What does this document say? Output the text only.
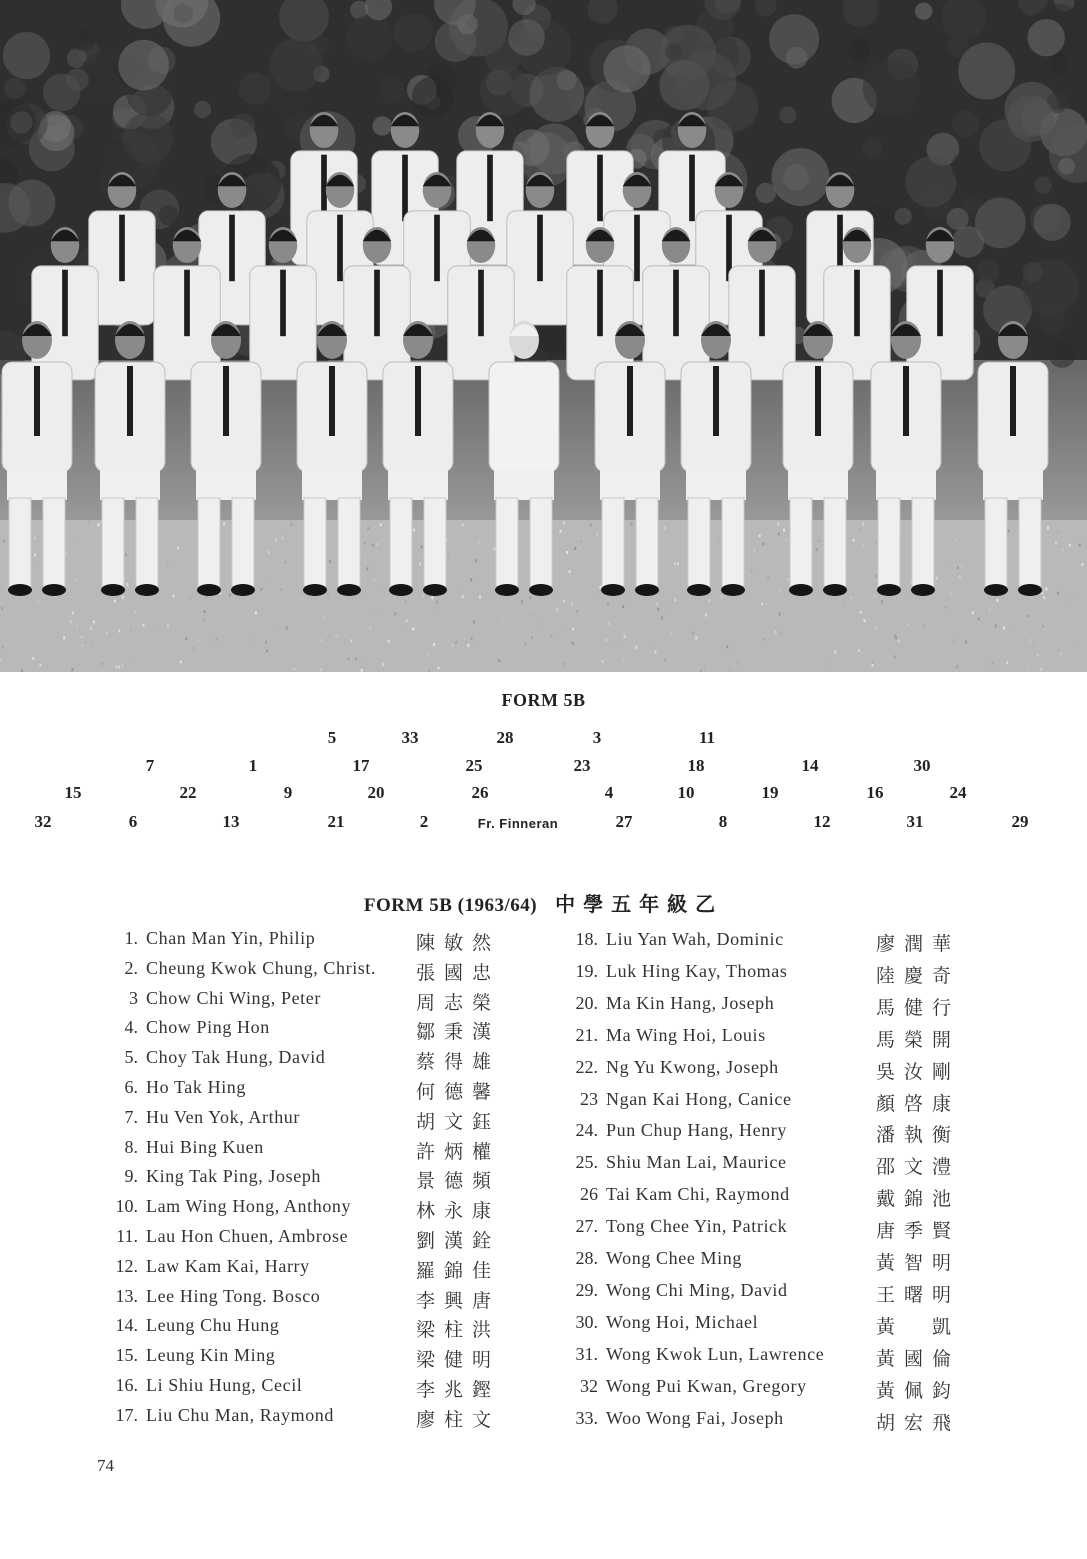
FORM 5B
5	33	28	3	11
7	1	17	25	23	18	14	30
15	22	9	20	26	4	10	19	16	24
32	6	13	21	2	Fr. Finneran	27	8	12	31	29
FORM 5B (1963/64) 中學五年級乙
1. Chan Man Yin, Philip	陳敏然
2. Cheung Kwok Chung, Christ. 張國忠
3 Chow Chi Wing, Peter	周志榮
4. Chow Ping Hon	鄒秉漢
5. Choy Tak Hung, David	蔡得雄
6. Ho Tak Hing	何德馨
7. Hu Ven Yok, Arthur	胡文鈺
8. Hui Bing Kuen	許炳權
9. King Tak Ping, Joseph	景德頻
10. Lam Wing Hong, Anthony	林永康
11. Lau Hon Chuen, Ambrose	劉漢銓
12. Law Kam Kai, Harry	羅錦佳
13. Lee Hing Tong. Bosco	李興唐
14. Leung Chu Hung	梁柱洪
15. Leung Kin Ming	梁健明
16. Li Shiu Hung, Cecil	李兆鏗
17. Liu Chu Man, Raymond	廖柱文
18. Liu Yan Wah, Dominic	廖潤華
19. Luk Hing Kay, Thomas	陸慶奇
20. Ma Kin Hang, Joseph	馬健行
21. Ma Wing Hoi, Louis	馬榮開
22. Ng Yu Kwong, Joseph	吳汝剛
23 Ngan Kai Hong, Canice	顏啓康
24. Pun Chup Hang, Henry	潘執衡
25. Shiu Man Lai, Maurice	邵文澧
26 Tai Kam Chi, Raymond	戴錦池
27. Tong Chee Yin, Patrick	唐季賢
28. Wong Chee Ming	黃智明
29. Wong Chi Ming, David	王曙明
30. Wong Hoi, Michael	黃　凱
31. Wong Kwok Lun, Lawrence	黃國倫
32 Wong Pui Kwan, Gregory	黃佩鈞
33. Woo Wong Fai, Joseph	胡宏飛
74
